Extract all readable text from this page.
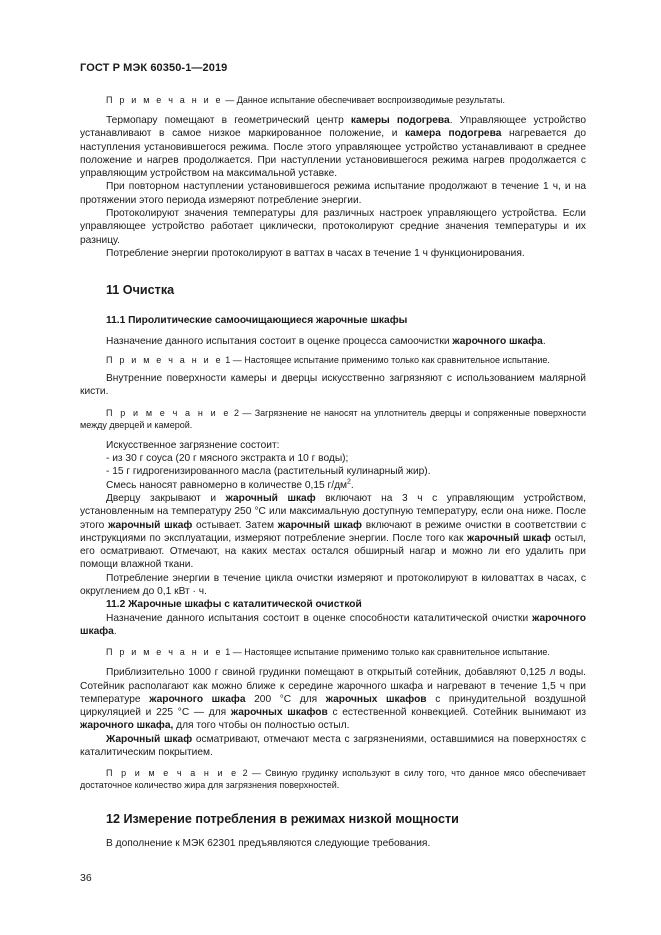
ГОСТ Р МЭК 60350-1—2019

П р и м е ч а н и е — Данное испытание обеспечивает воспроизводимые результаты.

Термопару помещают в геометрический центр камеры подогрева. Управляющее устройство устанавливают в самое низкое маркированное положение, и камера подогрева нагревается до наступления установившегося режима. После этого управляющее устройство устанавливают в среднее положение и нагрев продолжается. При наступлении установившегося режима нагрев продолжается с управляющим устройством на максимальной уставке.

При повторном наступлении установившегося режима испытание продолжают в течение 1 ч, и на протяжении этого периода измеряют потребление энергии.

Протоколируют значения температуры для различных настроек управляющего устройства. Если управляющее устройство работает циклически, протоколируют средние значения температуры и их разницу.

Потребление энергии протоколируют в ваттах в часах в течение 1 ч функционирования.

11 Очистка

11.1 Пиролитические самоочищающиеся жарочные шкафы

Назначение данного испытания состоит в оценке процесса самоочистки жарочного шкафа.

П р и м е ч а н и е 1 — Настоящее испытание применимо только как сравнительное испытание.

Внутренние поверхности камеры и дверцы искусственно загрязняют с использованием малярной кисти.

П р и м е ч а н и е 2 — Загрязнение не наносят на уплотнитель дверцы и сопряженные поверхности между дверцей и камерой.

Искусственное загрязнение состоит:

- из 30 г соуса (20 г мясного экстракта и 10 г воды);

- 15 г гидрогенизированного масла (растительный кулинарный жир).

Смесь наносят равномерно в количестве 0,15 $г/дм^2$.

Дверцу закрывают и жарочный шкаф включают на 3 ч с управляющим устройством, установленным на температуру 250 °С или максимальную доступную температуру, если она ниже. После этого жарочный шкаф остывает. Затем жарочный шкаф включают в режиме очистки в соответствии с инструкциями по эксплуатации, измеряют потребление энергии. После того как жарочный шкаф остыл, его осматривают. Отмечают, на каких местах остался обширный нагар и можно ли его удалить при помощи влажной ткани.

Потребление энергии в течение цикла очистки измеряют и протоколируют в киловаттах в часах, с округлением до 0,1 кВт · ч.

11.2 Жарочные шкафы с каталитической очисткой

Назначение данного испытания состоит в оценке способности каталитической очистки жарочного шкафа.

П р и м е ч а н и е 1 — Настоящее испытание применимо только как сравнительное испытание.

Приблизительно 1000 г свиной грудинки помещают в открытый сотейник, добавляют 0,125 л воды. Сотейник располагают как можно ближе к середине жарочного шкафа и нагревают в течение 1,5 ч при температуре жарочного шкафа 200 °С для жарочных шкафов с принудительной воздушной циркуляцией и 225 °С — для жарочных шкафов с естественной конвекцией. Сотейник вынимают из жарочного шкафа, для того чтобы он полностью остыл.

Жарочный шкаф осматривают, отмечают места с загрязнениями, оставшимися на поверхностях с каталитическим покрытием.

П р и м е ч а н и е 2 — Свиную грудинку используют в силу того, что данное мясо обеспечивает достаточное количество жира для загрязнения поверхностей.

12 Измерение потребления в режимах низкой мощности

В дополнение к МЭК 62301 предъявляются следующие требования.

36
